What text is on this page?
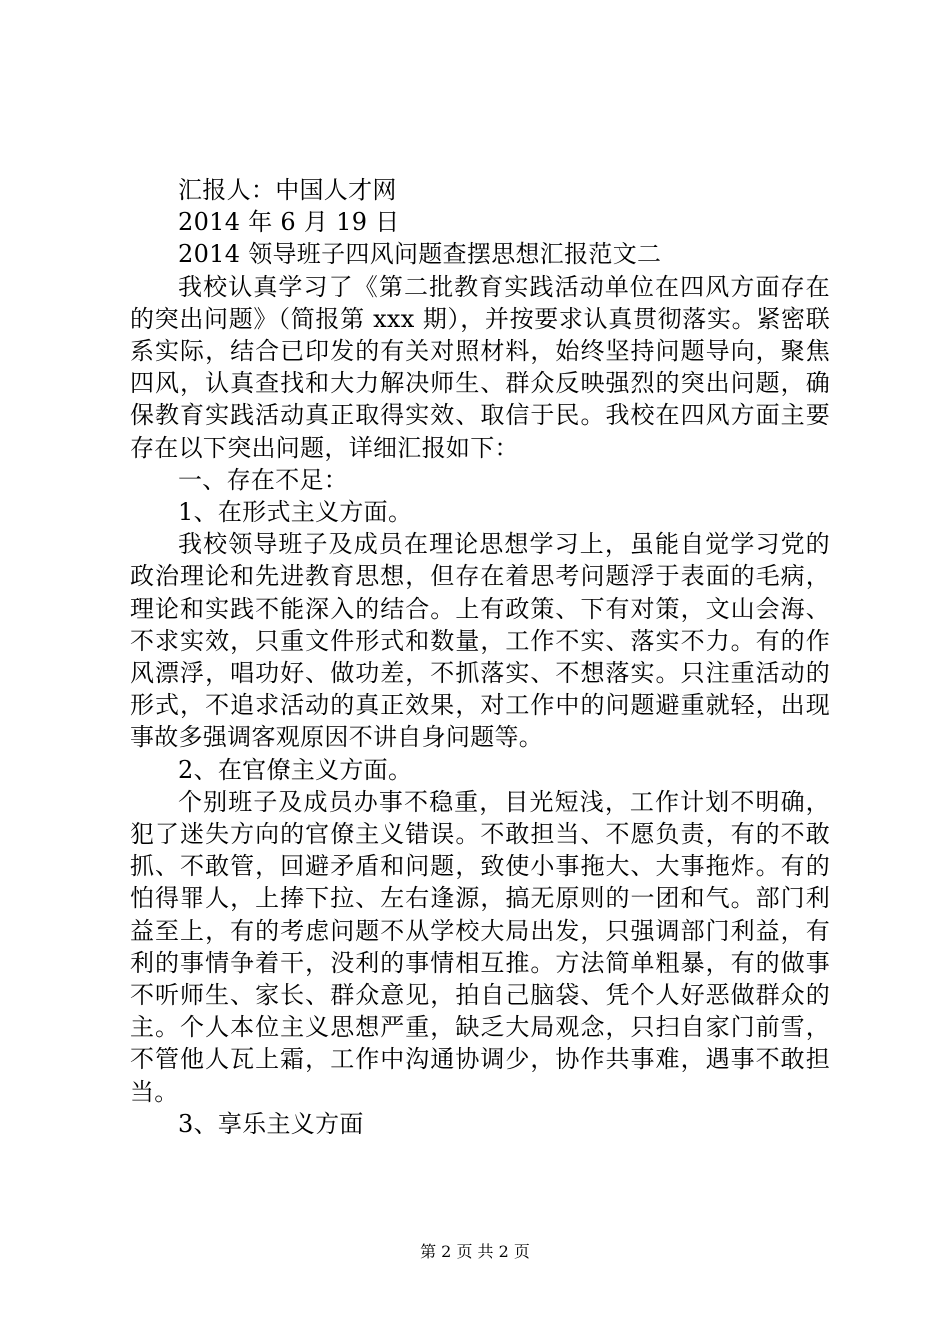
汇报人：中国人才网

2014 年 6 月 19 日

2014 领导班子四风问题查摆思想汇报范文二

我校认真学习了《第二批教育实践活动单位在四风方面存在的突出问题》（简报第 xxx 期），并按要求认真贯彻落实。紧密联系实际，结合已印发的有关对照材料，始终坚持问题导向，聚焦四风，认真查找和大力解决师生、群众反映强烈的突出问题，确保教育实践活动真正取得实效、取信于民。我校在四风方面主要存在以下突出问题，详细汇报如下：

一、存在不足：

1、在形式主义方面。

我校领导班子及成员在理论思想学习上，虽能自觉学习党的政治理论和先进教育思想，但存在着思考问题浮于表面的毛病，理论和实践不能深入的结合。上有政策、下有对策，文山会海、不求实效，只重文件形式和数量，工作不实、落实不力。有的作风漂浮，唱功好、做功差，不抓落实、不想落实。只注重活动的形式，不追求活动的真正效果，对工作中的问题避重就轻，出现事故多强调客观原因不讲自身问题等。

2、在官僚主义方面。

个别班子及成员办事不稳重，目光短浅，工作计划不明确，犯了迷失方向的官僚主义错误。不敢担当、不愿负责，有的不敢抓、不敢管，回避矛盾和问题，致使小事拖大、大事拖炸。有的怕得罪人，上捧下拉、左右逢源，搞无原则的一团和气。部门利益至上，有的考虑问题不从学校大局出发，只强调部门利益，有利的事情争着干，没利的事情相互推。方法简单粗暴，有的做事不听师生、家长、群众意见，拍自己脑袋、凭个人好恶做群众的主。个人本位主义思想严重，缺乏大局观念，只扫自家门前雪，不管他人瓦上霜，工作中沟通协调少，协作共事难，遇事不敢担当。

3、享乐主义方面

第 2 页 共 2 页
